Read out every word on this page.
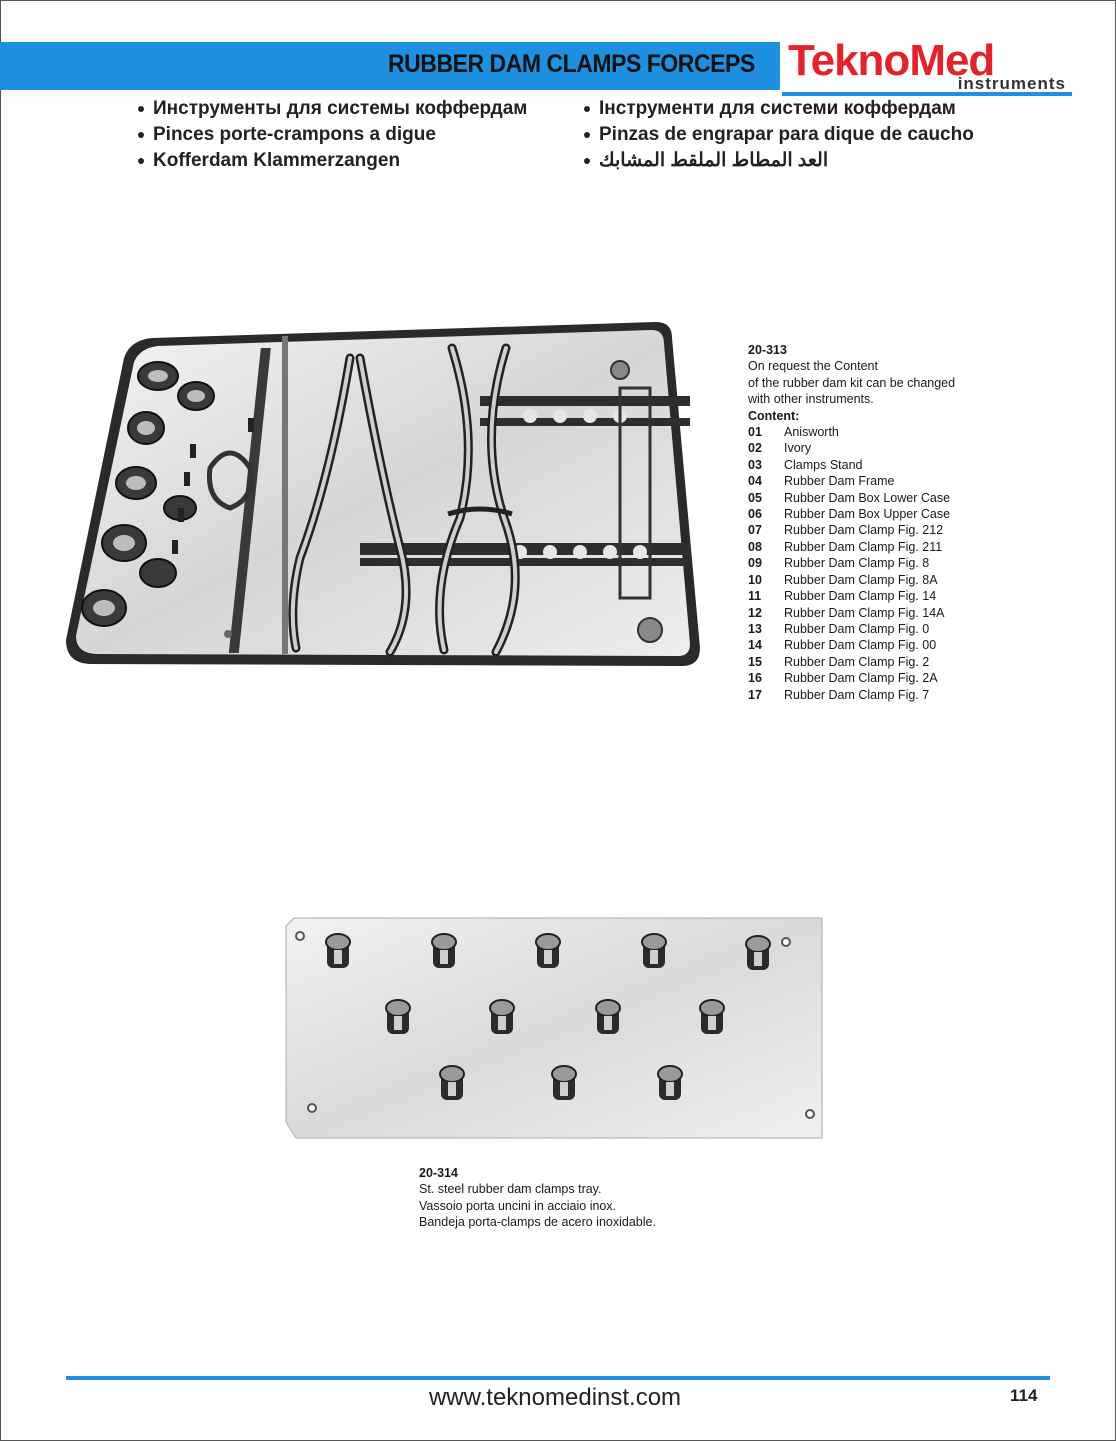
RUBBER DAM CLAMPS FORCEPS TeknoMed
instruments
Инструменты для системы коффердам
Pinces porte-crampons a digue
Kofferdam Klammerzangen
Інструменти для системи коффердам
Pinzas de engrapar para dique de caucho
العد المطاط الملقط المشابك
20-313
On request the Content
of the rubber dam kit can be changed
with other instruments.
Content:
01	Anisworth
02	Ivory
03	Clamps Stand
04	Rubber Dam Frame
05	Rubber Dam Box Lower Case
06	Rubber Dam Box Upper Case
07	Rubber Dam Clamp Fig. 212
08	Rubber Dam Clamp Fig. 211
09	Rubber Dam Clamp Fig. 8
10	Rubber Dam Clamp Fig. 8A
11	Rubber Dam Clamp Fig. 14
12	Rubber Dam Clamp Fig. 14A
13	Rubber Dam Clamp Fig. 0
14	Rubber Dam Clamp Fig. 00
15	Rubber Dam Clamp Fig. 2
16	Rubber Dam Clamp Fig. 2A
17	Rubber Dam Clamp Fig. 7
20-314
St. steel rubber dam clamps tray.
Vassoio porta uncini in acciaio inox.
Bandeja porta-clamps de acero inoxidable.
www.teknomedinst.com	114
